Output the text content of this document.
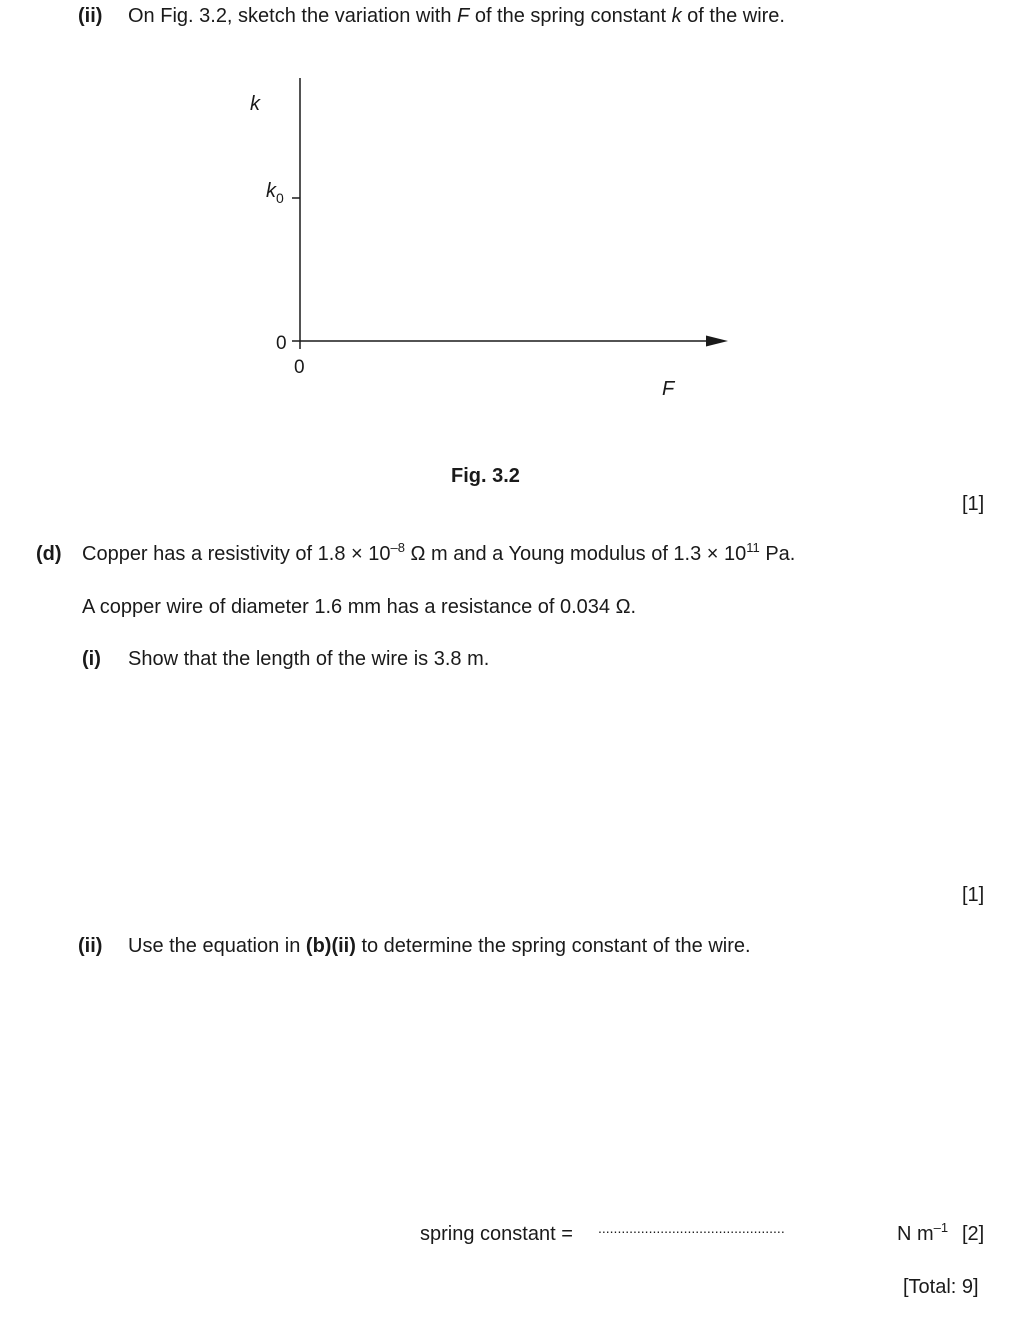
(ii) On Fig. 3.2, sketch the variation with F of the spring constant k of the wire.
k
$k_0$
0
0
F
Fig. 3.2
[1]
(d) Copper has a resistivity of $1.8 \times 10^{-8}$ Ω m and a Young modulus of $1.3 \times 10^{11}$ Pa.
A copper wire of diameter 1.6 mm has a resistance of 0.034 Ω.
(i) Show that the length of the wire is 3.8 m.
[1]
(ii) Use the equation in (b)(ii) to determine the spring constant of the wire.
spring constant = ................................................	N $m^{-1}$ [2]
[Total: 9]
